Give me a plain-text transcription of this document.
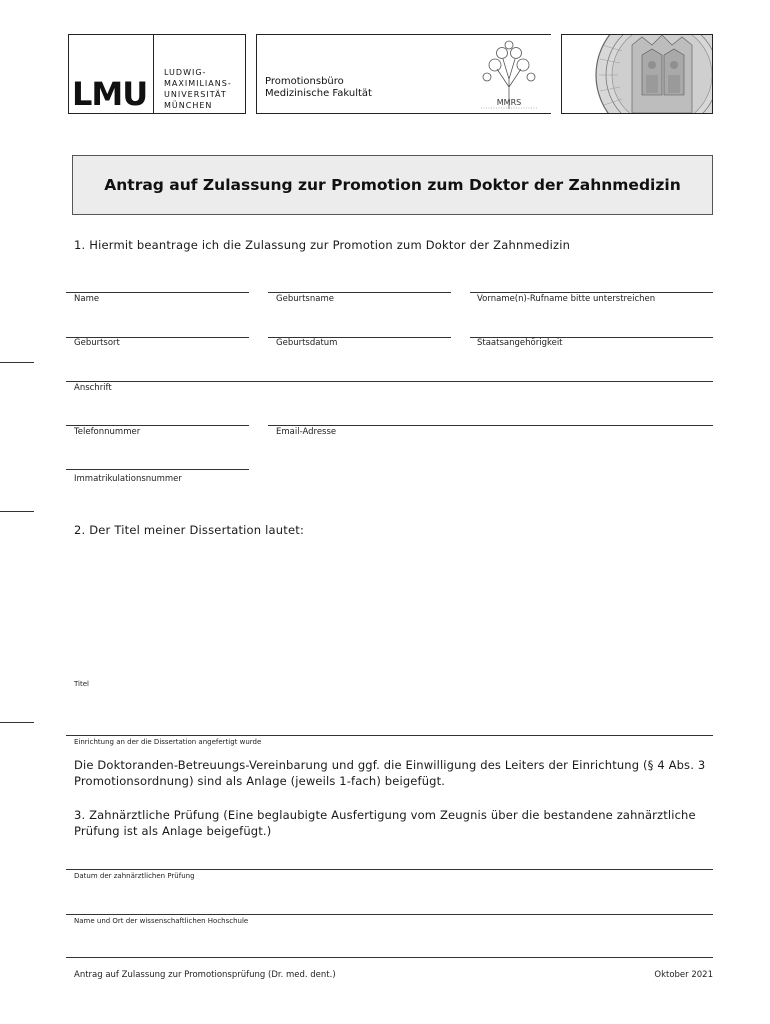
LMU
LUDWIG-
MAXIMILIANS-
UNIVERSITÄT
MÜNCHEN
Promotionsbüro
Medizinische Fakultät
MMRS
Antrag auf Zulassung zur Promotion zum Doktor der Zahnmedizin
1. Hiermit beantrage ich die Zulassung zur Promotion zum Doktor der Zahnmedizin
Name	Geburtsname	Vorname(n)-Rufname bitte unterstreichen
Geburtsort	Geburtsdatum	Staatsangehörigkeit
Anschrift
Telefonnummer	Email-Adresse
Immatrikulationsnummer
2. Der Titel meiner Dissertation lautet:
Titel
Einrichtung an der die Dissertation angefertigt wurde
Die Doktoranden-Betreuungs-Vereinbarung und ggf. die Einwilligung des Leiters der Einrichtung (§ 4 Abs. 3
Promotionsordnung) sind als Anlage (jeweils 1-fach) beigefügt.
3. Zahnärztliche Prüfung (Eine beglaubigte Ausfertigung vom Zeugnis über die bestandene zahnärztliche
Prüfung ist als Anlage beigefügt.)
Datum der zahnärztlichen Prüfung
Name und Ort der wissenschaftlichen Hochschule
Antrag auf Zulassung zur Promotionsprüfung (Dr. med. dent.)	Oktober 2021
